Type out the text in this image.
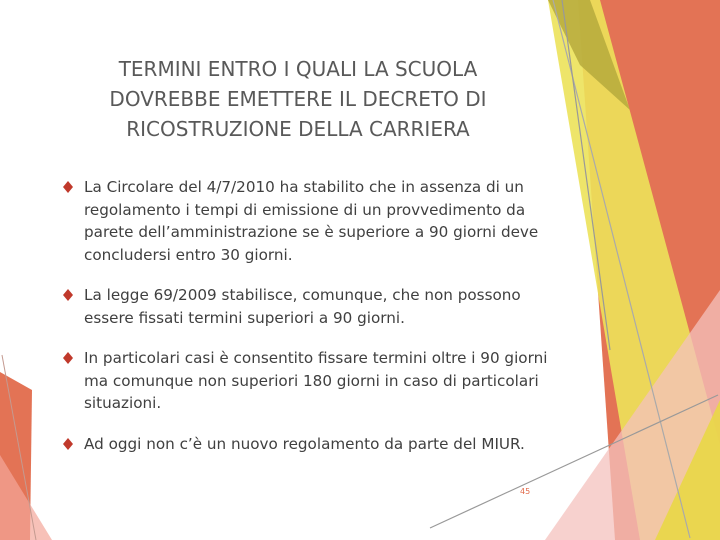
TERMINI ENTRO I QUALI LA SCUOLA DOVREBBE EMETTERE IL DECRETO DI RICOSTRUZIONE DELLA CARRIERA
La Circolare del 4/7/2010 ha stabilito che in assenza di un regolamento i tempi di emissione di un provvedimento da parete dell’amministrazione se è superiore a 90 giorni deve concludersi entro 30 giorni.
La legge 69/2009 stabilisce, comunque, che non possono essere fissati termini superiori a 90 giorni.
In particolari casi è consentito fissare termini oltre i 90 giorni ma comunque non superiori 180 giorni in caso di particolari situazioni.
Ad oggi non c’è un nuovo regolamento da parte del MIUR.
45
